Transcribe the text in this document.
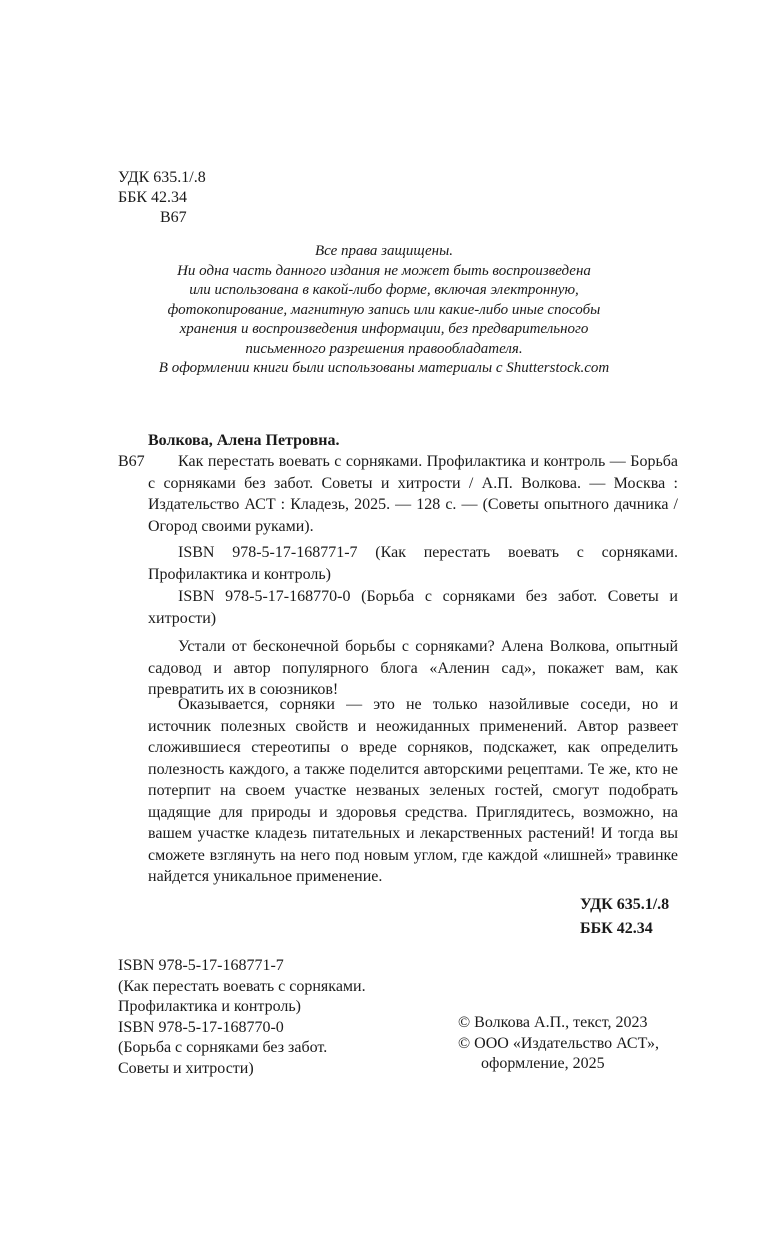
УДК 635.1/.8
ББК 42.34
В67
Все права защищены.
Ни одна часть данного издания не может быть воспроизведена
или использована в какой-либо форме, включая электронную,
фотокопирование, магнитную запись или какие-либо иные способы
хранения и воспроизведения информации, без предварительного
письменного разрешения правообладателя.
В оформлении книги были использованы материалы с Shutterstock.com
Волкова, Алена Петровна.
В67	Как перестать воевать с сорняками. Профилактика и контроль — Борьба с сорняками без забот. Советы и хитрости / А.П. Волкова. — Москва : Издательство АСТ : Кладезь, 2025. — 128 с. — (Советы опытного дачника / Огород своими руками).

ISBN 978-5-17-168771-7 (Как перестать воевать с сорняками. Профилактика и контроль)

ISBN 978-5-17-168770-0 (Борьба с сорняками без забот. Советы и хитрости)

Устали от бесконечной борьбы с сорняками? Алена Волкова, опытный садовод и автор популярного блога «Аленин сад», покажет вам, как превратить их в союзников!

Оказывается, сорняки — это не только назойливые соседи, но и источник полезных свойств и неожиданных применений. Автор развеет сложившиеся стереотипы о вреде сорняков, подскажет, как определить полезность каждого, а также поделится авторскими рецептами. Те же, кто не потерпит на своем участке незваных зеленых гостей, смогут подобрать щадящие для природы и здоровья средства. Приглядитесь, возможно, на вашем участке кладезь питательных и лекарственных растений! И тогда вы сможете взглянуть на него под новым углом, где каждой «лишней» травинке найдется уникальное применение.

УДК 635.1/.8
ББК 42.34
ISBN 978-5-17-168771-7
(Как перестать воевать с сорняками.
Профилактика и контроль)
ISBN 978-5-17-168770-0
(Борьба с сорняками без забот.
Советы и хитрости)
© Волкова А.П., текст, 2023
© ООО «Издательство АСТ»,
оформление, 2025
